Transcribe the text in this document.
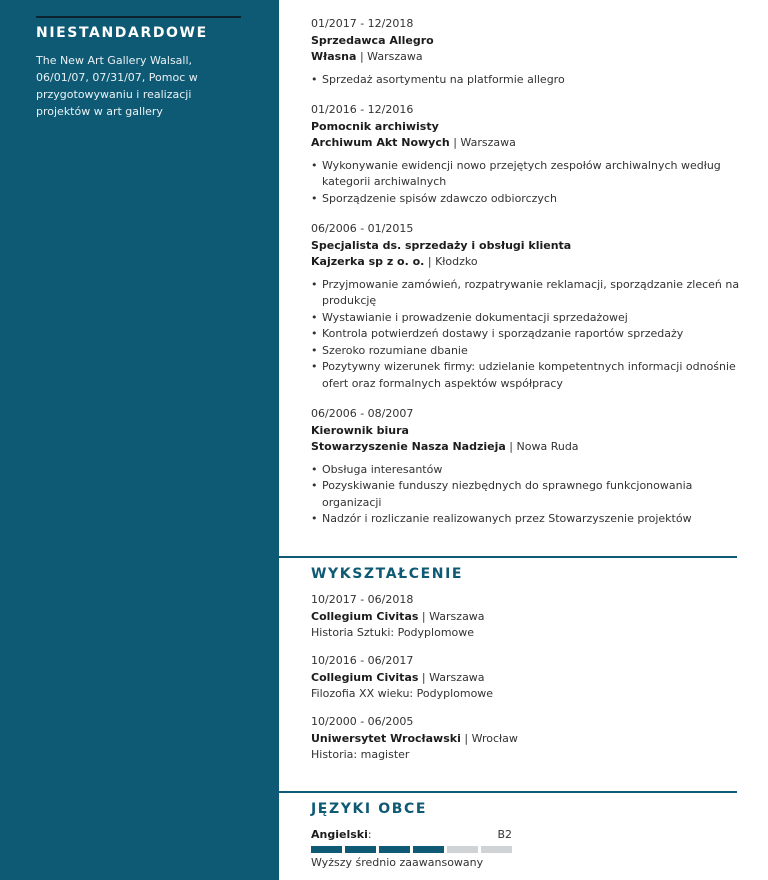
NIESTANDARDOWE

The New Art Gallery Walsall, 06/01/07, 07/31/07, Pomoc w przygotowywaniu i realizacji projektów w art gallery

01/2017 - 12/2018
Sprzedawca Allegro
Własna | Warszawa
• Sprzedaż asortymentu na platformie allegro
01/2016 - 12/2016
Pomocnik archiwisty
Archiwum Akt Nowych | Warszawa
• Wykonywanie ewidencji nowo przejętych zespołów archiwalnych według kategorii archiwalnych
• Sporządzenie spisów zdawczo odbiorczych
06/2006 - 01/2015
Specjalista ds. sprzedaży i obsługi klienta
Kajzerka sp z o. o. | Kłodzko
• Przyjmowanie zamówień, rozpatrywanie reklamacji, sporządzanie zleceń na produkcję
• Wystawianie i prowadzenie dokumentacji sprzedażowej
• Kontrola potwierdzeń dostawy i sporządzanie raportów sprzedaży
• Szeroko rozumiane dbanie
• Pozytywny wizerunek firmy: udzielanie kompetentnych informacji odnośnie ofert oraz formalnych aspektów współpracy
06/2006 - 08/2007
Kierownik biura
Stowarzyszenie Nasza Nadzieja | Nowa Ruda
• Obsługa interesantów
• Pozyskiwanie funduszy niezbędnych do sprawnego funkcjonowania organizacji
• Nadzór i rozliczanie realizowanych przez Stowarzyszenie projektów
WYKSZTAŁCENIE
10/2017 - 06/2018
Collegium Civitas | Warszawa
Historia Sztuki: Podyplomowe
10/2016 - 06/2017
Collegium Civitas | Warszawa
Filozofia XX wieku: Podyplomowe
10/2000 - 06/2005
Uniwersytet Wrocławski | Wrocław
Historia: magister
JĘZYKI OBCE
Angielski:	B2
Wyższy średnio zaawansowany
